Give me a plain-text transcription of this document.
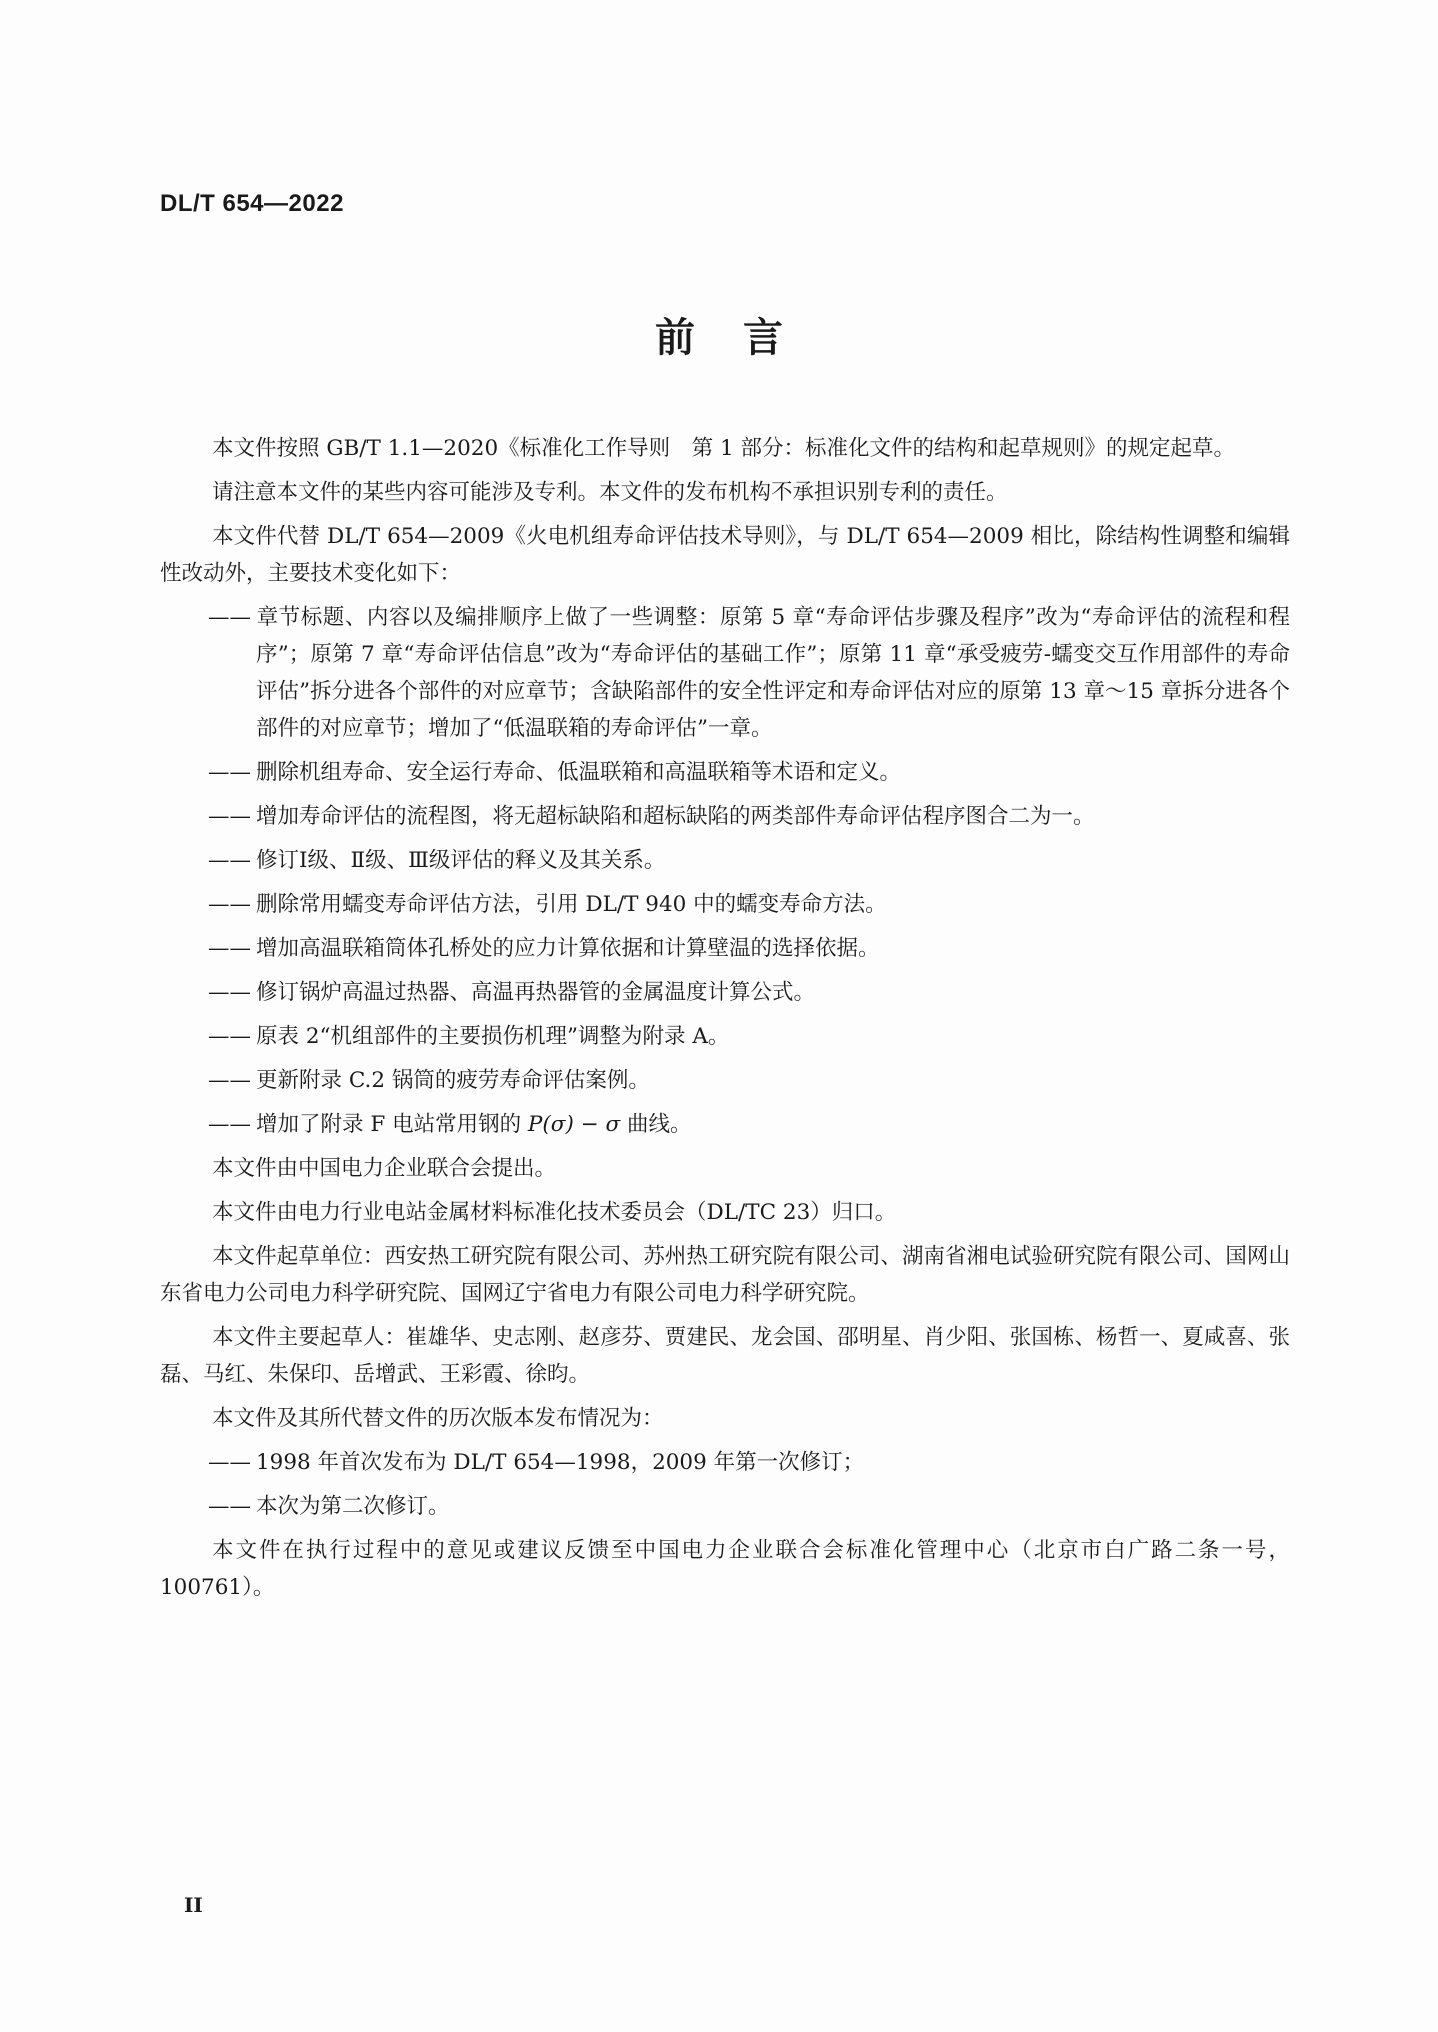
DL/T 654—2022
前言

本文件按照 GB/T 1.1—2020《标准化工作导则　第 1 部分：标准化文件的结构和起草规则》的规定起草。

请注意本文件的某些内容可能涉及专利。本文件的发布机构不承担识别专利的责任。

本文件代替 DL/T 654—2009《火电机组寿命评估技术导则》，与 DL/T 654—2009 相比，除结构性调整和编辑性改动外，主要技术变化如下：

—— 章节标题、内容以及编排顺序上做了一些调整：原第 5 章“寿命评估步骤及程序”改为“寿命评估的流程和程序”；原第 7 章“寿命评估信息”改为“寿命评估的基础工作”；原第 11 章“承受疲劳-蠕变交互作用部件的寿命评估”拆分进各个部件的对应章节；含缺陷部件的安全性评定和寿命评估对应的原第 13 章～15 章拆分进各个部件的对应章节；增加了“低温联箱的寿命评估”一章。
—— 删除机组寿命、安全运行寿命、低温联箱和高温联箱等术语和定义。
—— 增加寿命评估的流程图，将无超标缺陷和超标缺陷的两类部件寿命评估程序图合二为一。
—— 修订Ⅰ级、Ⅱ级、Ⅲ级评估的释义及其关系。
—— 删除常用蠕变寿命评估方法，引用 DL/T 940 中的蠕变寿命方法。
—— 增加高温联箱筒体孔桥处的应力计算依据和计算壁温的选择依据。
—— 修订锅炉高温过热器、高温再热器管的金属温度计算公式。
—— 原表 2“机组部件的主要损伤机理”调整为附录 A。
—— 更新附录 C.2 锅筒的疲劳寿命评估案例。
—— 增加了附录 F 电站常用钢的 P(σ) − σ 曲线。

本文件由中国电力企业联合会提出。

本文件由电力行业电站金属材料标准化技术委员会（DL/TC 23）归口。

本文件起草单位：西安热工研究院有限公司、苏州热工研究院有限公司、湖南省湘电试验研究院有限公司、国网山东省电力公司电力科学研究院、国网辽宁省电力有限公司电力科学研究院。

本文件主要起草人：崔雄华、史志刚、赵彦芬、贾建民、龙会国、邵明星、肖少阳、张国栋、杨哲一、夏咸喜、张磊、马红、朱保印、岳增武、王彩霞、徐昀。

本文件及其所代替文件的历次版本发布情况为：

—— 1998 年首次发布为 DL/T 654—1998，2009 年第一次修订；
—— 本次为第二次修订。

本文件在执行过程中的意见或建议反馈至中国电力企业联合会标准化管理中心（北京市白广路二条一号，100761）。

II
